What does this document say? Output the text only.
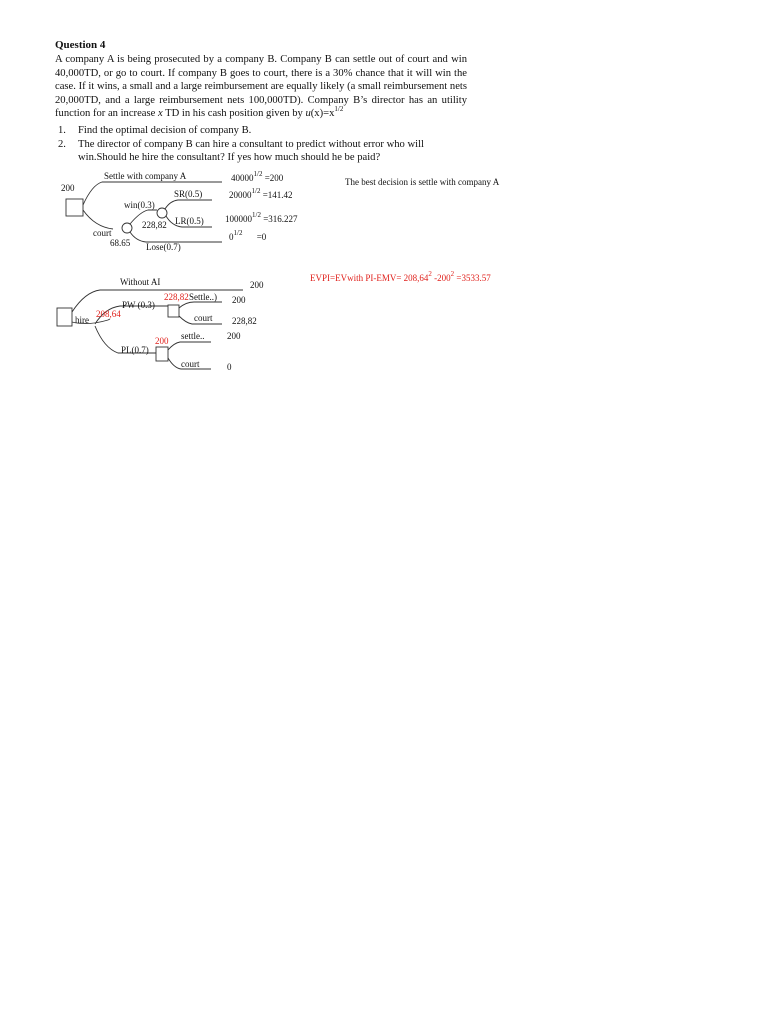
Question 4
A company A is being prosecuted by a company B. Company B can settle out of court and win 40,000TD, or go to court. If company B goes to court, there is a 30% chance that it will win the case. If it wins, a small and a large reimbursement are equally likely (a small reimbursement nets 20,000TD, and a large reimbursement nets 100,000TD). Company B’s director has an utility function for an increase x TD in his cash position given by $u(x)=x^{1/2}$
1. Find the optimal decision of company B.
2. The director of company B can hire a consultant to predict without error who will win.Should he hire the consultant? If yes how much should he be paid?
200
Settle with company A
win(0.3)
SR(0.5)
LR(0.5)
228,82
court
68.65 Lose(0.7)
$40000^{1/2} =200$
$20000^{1/2} =141.42$
$100000^{1/2} =316.227$
$0^{1/2} =0$
The best decision is settle with company A
Without AI	200
hire
208,64
PW (0.3)
228,82 Settle..) 200
court 228,82
PL(0.7)
200 settle..	200
court	0
EVPI=EVwith $PI-EMV= 208,64^2$ $-200^2 =3533.57$
